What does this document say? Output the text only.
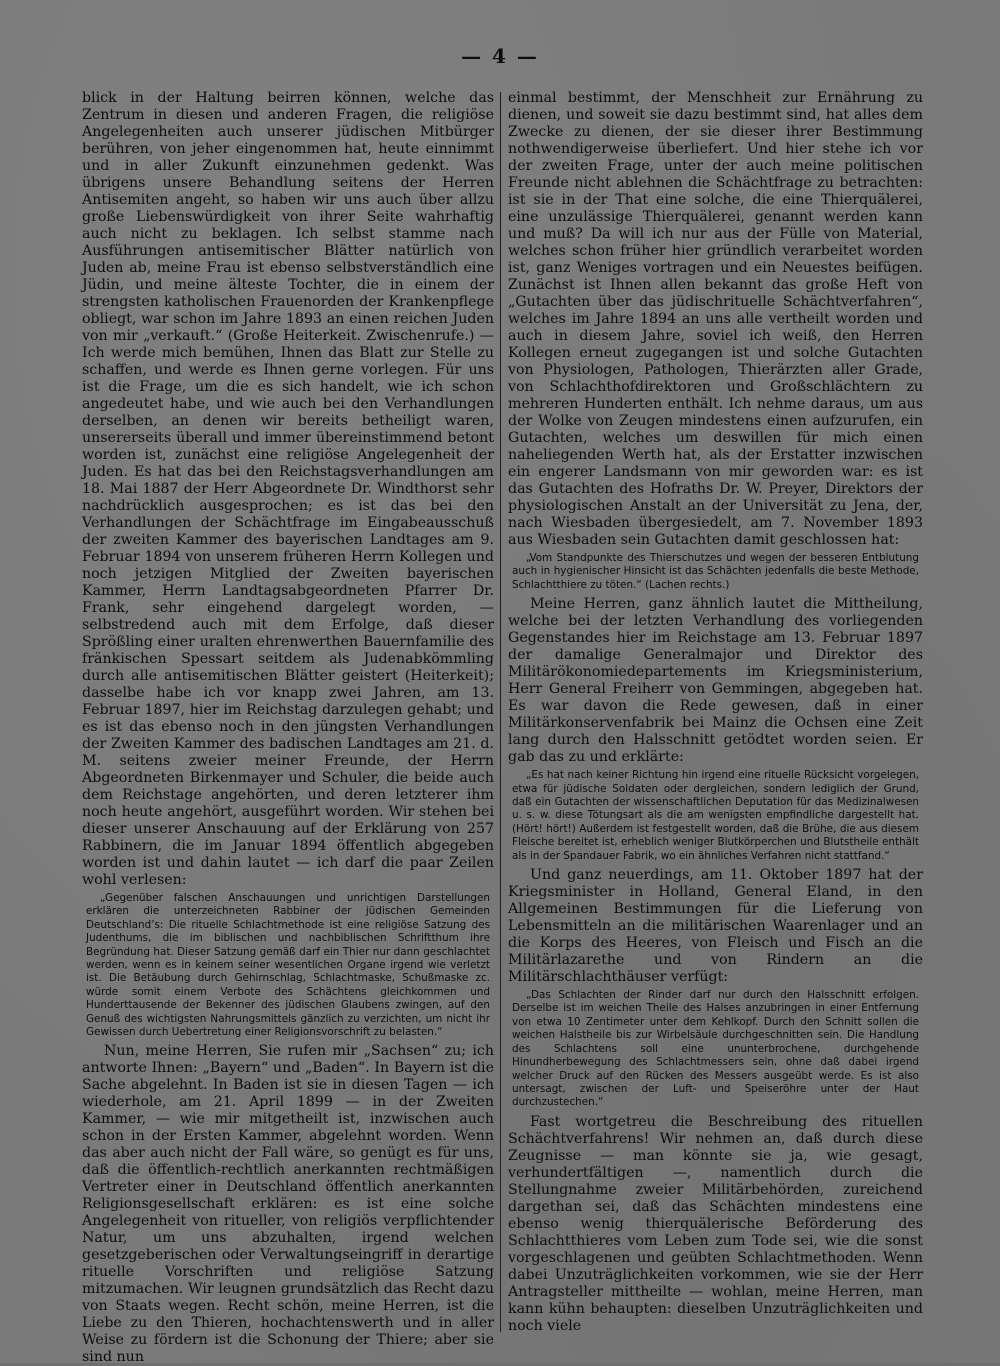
— 4 —

blick in der Haltung beirren können, welche das Zentrum in diesen und anderen Fragen, die religiöse Angelegenheiten auch unserer jüdischen Mitbürger berühren, von jeher eingenommen hat, heute einnimmt und in aller Zukunft einzunehmen gedenkt. Was übrigens unsere Behandlung seitens der Herren Antisemiten angeht, so haben wir uns auch über allzu große Liebenswürdigkeit von ihrer Seite wahrhaftig auch nicht zu beklagen. Ich selbst stamme nach Ausführungen antisemitischer Blätter natürlich von Juden ab, meine Frau ist ebenso selbstverständlich eine Jüdin, und meine älteste Tochter, die in einem der strengsten katholischen Frauenorden der Krankenpflege obliegt, war schon im Jahre 1893 an einen reichen Juden von mir „verkauft.“ (Große Heiterkeit. Zwischenrufe.) — Ich werde mich bemühen, Ihnen das Blatt zur Stelle zu schaffen, und werde es Ihnen gerne vorlegen. Für uns ist die Frage, um die es sich handelt, wie ich schon angedeutet habe, und wie auch bei den Verhandlungen derselben, an denen wir bereits betheiligt waren, unsererseits überall und immer übereinstimmend betont worden ist, zunächst eine religiöse Angelegenheit der Juden. Es hat das bei den Reichstagsverhandlungen am 18. Mai 1887 der Herr Abgeordnete Dr. Windthorst sehr nachdrücklich ausgesprochen; es ist das bei den Verhandlungen der Schächtfrage im Eingabeausschuß der zweiten Kammer des bayerischen Landtages am 9. Februar 1894 von unserem früheren Herrn Kollegen und noch jetzigen Mitglied der Zweiten bayerischen Kammer, Herrn Landtagsabgeordneten Pfarrer Dr. Frank, sehr eingehend dargelegt worden, — selbstredend auch mit dem Erfolge, daß dieser Sprößling einer uralten ehrenwerthen Bauernfamilie des fränkischen Spessart seitdem als Judenabkömmling durch alle antisemitischen Blätter geistert (Heiterkeit); dasselbe habe ich vor knapp zwei Jahren, am 13. Februar 1897, hier im Reichstag darzulegen gehabt; und es ist das ebenso noch in den jüngsten Verhandlungen der Zweiten Kammer des badischen Landtages am 21. d. M. seitens zweier meiner Freunde, der Herrn Abgeordneten Birkenmayer und Schuler, die beide auch dem Reichstage angehörten, und deren letzterer ihm noch heute angehört, ausgeführt worden. Wir stehen bei dieser unserer Anschauung auf der Erklärung von 257 Rabbinern, die im Januar 1894 öffentlich abgegeben worden ist und dahin lautet — ich darf die paar Zeilen wohl verlesen:

„Gegenüber falschen Anschauungen und unrichtigen Darstellungen erklären die unterzeichneten Rabbiner der jüdischen Gemeinden Deutschland’s: Die rituelle Schlachtmethode ist eine religiöse Satzung des Judenthums, die im biblischen und nachbiblischen Schriftthum ihre Begründung hat. Dieser Satzung gemäß darf ein Thier nur dann geschlachtet werden, wenn es in keinem seiner wesentlichen Organe irgend wie verletzt ist. Die Betäubung durch Gehirnschlag, Schlachtmaske, Schußmaske zc. würde somit einem Verbote des Schächtens gleichkommen und Hunderttausende der Bekenner des jüdischen Glaubens zwingen, auf den Genuß des wichtigsten Nahrungsmittels gänzlich zu verzichten, um nicht ihr Gewissen durch Uebertretung einer Religionsvorschrift zu belasten.“

Nun, meine Herren, Sie rufen mir „Sachsen“ zu; ich antworte Ihnen: „Bayern“ und „Baden“. In Bayern ist die Sache abgelehnt. In Baden ist sie in diesen Tagen — ich wiederhole, am 21. April 1899 — in der Zweiten Kammer, — wie mir mitgetheilt ist, inzwischen auch schon in der Ersten Kammer, abgelehnt worden. Wenn das aber auch nicht der Fall wäre, so genügt es für uns, daß die öffentlich-rechtlich anerkannten rechtmäßigen Vertreter einer in Deutschland öffentlich anerkannten Religionsgesellschaft erklären: es ist eine solche Angelegenheit von ritueller, von religiös verpflichtender Natur, um uns abzuhalten, irgend welchen gesetzgeberischen oder Verwaltungseingriff in derartige rituelle Vorschriften und religiöse Satzung mitzumachen. Wir leugnen grundsätzlich das Recht dazu von Staats wegen. Recht schön, meine Herren, ist die Liebe zu den Thieren, hochachtenswerth und in aller Weise zu fördern ist die Schonung der Thiere; aber sie sind nun

einmal bestimmt, der Menschheit zur Ernährung zu dienen, und soweit sie dazu bestimmt sind, hat alles dem Zwecke zu dienen, der sie dieser ihrer Bestimmung nothwendigerweise überliefert. Und hier stehe ich vor der zweiten Frage, unter der auch meine politischen Freunde nicht ablehnen die Schächtfrage zu betrachten: ist sie in der That eine solche, die eine Thierquälerei, eine unzulässige Thierquälerei, genannt werden kann und muß? Da will ich nur aus der Fülle von Material, welches schon früher hier gründlich verarbeitet worden ist, ganz Weniges vortragen und ein Neuestes beifügen. Zunächst ist Ihnen allen bekannt das große Heft von „Gutachten über das jüdischrituelle Schächtverfahren“, welches im Jahre 1894 an uns alle vertheilt worden und auch in diesem Jahre, soviel ich weiß, den Herren Kollegen erneut zugegangen ist und solche Gutachten von Physiologen, Pathologen, Thierärzten aller Grade, von Schlachthofdirektoren und Großschlächtern zu mehreren Hunderten enthält. Ich nehme daraus, um aus der Wolke von Zeugen mindestens einen aufzurufen, ein Gutachten, welches um deswillen für mich einen naheliegenden Werth hat, als der Erstatter inzwischen ein engerer Landsmann von mir geworden war: es ist das Gutachten des Hofraths Dr. W. Preyer, Direktors der physiologischen Anstalt an der Universität zu Jena, der, nach Wiesbaden übergesiedelt, am 7. November 1893 aus Wiesbaden sein Gutachten damit geschlossen hat:

„Vom Standpunkte des Thierschutzes und wegen der besseren Entblutung auch in hygienischer Hinsicht ist das Schächten jedenfalls die beste Methode, Schlachtthiere zu töten.“ (Lachen rechts.)

Meine Herren, ganz ähnlich lautet die Mittheilung, welche bei der letzten Verhandlung des vorliegenden Gegenstandes hier im Reichstage am 13. Februar 1897 der damalige Generalmajor und Direktor des Militärökonomiedepartements im Kriegsministerium, Herr General Freiherr von Gemmingen, abgegeben hat. Es war davon die Rede gewesen, daß in einer Militärkonservenfabrik bei Mainz die Ochsen eine Zeit lang durch den Halsschnitt getödtet worden seien. Er gab das zu und erklärte:

„Es hat nach keiner Richtung hin irgend eine rituelle Rücksicht vorgelegen, etwa für jüdische Soldaten oder dergleichen, sondern lediglich der Grund, daß ein Gutachten der wissenschaftlichen Deputation für das Medizinalwesen u. s. w. diese Tötungsart als die am wenigsten empfindliche dargestellt hat. (Hört! hört!) Außerdem ist festgestellt worden, daß die Brühe, die aus diesem Fleische bereitet ist, erheblich weniger Blutkörperchen und Blutstheile enthält als in der Spandauer Fabrik, wo ein ähnliches Verfahren nicht stattfand.“

Und ganz neuerdings, am 11. Oktober 1897 hat der Kriegsminister in Holland, General Eland, in den Allgemeinen Bestimmungen für die Lieferung von Lebensmitteln an die militärischen Waarenlager und an die Korps des Heeres, von Fleisch und Fisch an die Militärlazarethe und von Rindern an die Militärschlachthäuser verfügt:

„Das Schlachten der Rinder darf nur durch den Halsschnitt erfolgen. Derselbe ist im weichen Theile des Halses anzubringen in einer Entfernung von etwa 10 Zentimeter unter dem Kehlkopf. Durch den Schnitt sollen die weichen Halstheile bis zur Wirbelsäule durchgeschnitten sein. Die Handlung des Schlachtens soll eine ununterbrochene, durchgehende Hinundherbewegung des Schlachtmessers sein, ohne daß dabei irgend welcher Druck auf den Rücken des Messers ausgeübt werde. Es ist also untersagt, zwischen der Luft- und Speiseröhre unter der Haut durchzustechen.“

Fast wortgetreu die Beschreibung des rituellen Schächtverfahrens! Wir nehmen an, daß durch diese Zeugnisse — man könnte sie ja, wie gesagt, verhundertfältigen —, namentlich durch die Stellungnahme zweier Militärbehörden, zureichend dargethan sei, daß das Schächten mindestens eine ebenso wenig thierquälerische Beförderung des Schlachtthieres vom Leben zum Tode sei, wie die sonst vorgeschlagenen und geübten Schlachtmethoden. Wenn dabei Unzuträglichkeiten vorkommen, wie sie der Herr Antragsteller mittheilte — wohlan, meine Herren, man kann kühn behaupten: dieselben Unzuträglichkeiten und noch viele
